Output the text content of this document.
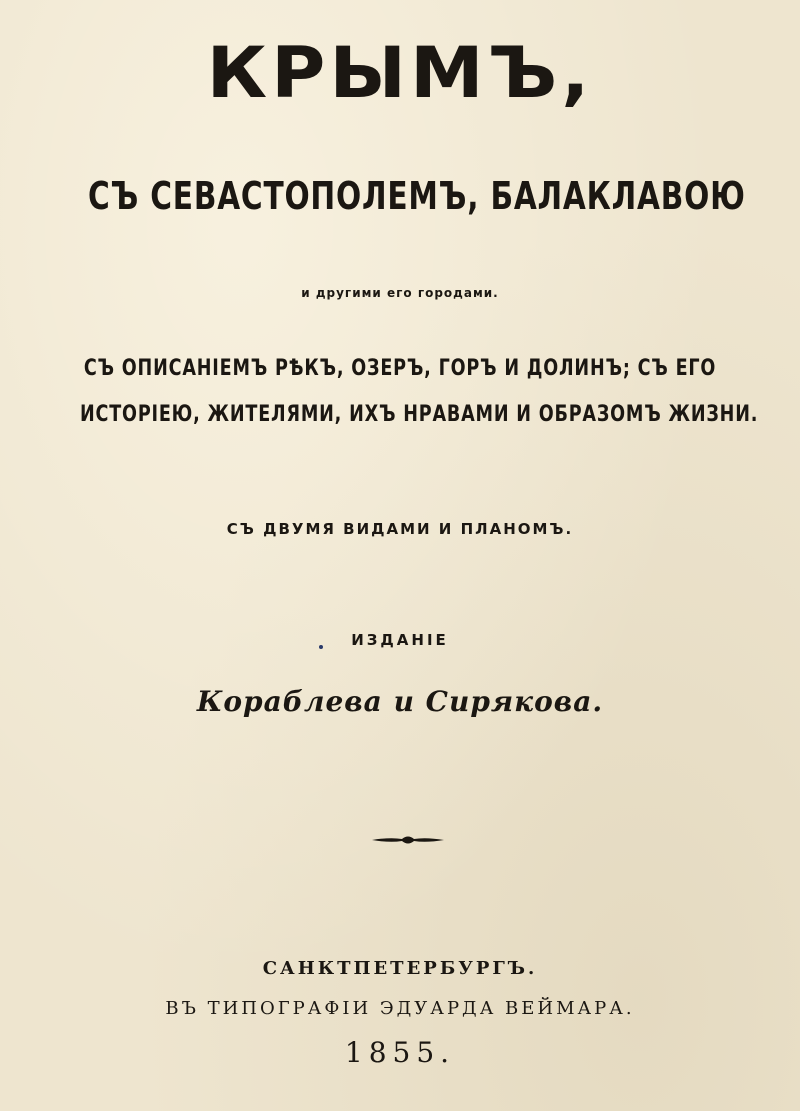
КРЫМЪ,
СЪ СЕВАСТОПОЛЕМЪ, БАЛАКЛАВОЮ
и другими его городами.
СЪ ОПИСАНІЕМЪ РѢКЪ, ОЗЕРЪ, ГОРЪ И ДОЛИНЪ; СЪ ЕГО
ИСТОРІЕЮ, ЖИТЕЛЯМИ, ИХЪ НРАВАМИ И ОБРАЗОМЪ ЖИЗНИ.
СЪ ДВУМЯ ВИДАМИ И ПЛАНОМЪ.
ИЗДАНІЕ
Кораблева и Сирякова.
САНКТПЕТЕРБУРГЪ.
ВЪ ТИПОГРАФІИ ЭДУАРДА ВЕЙМАРА.
1855.
